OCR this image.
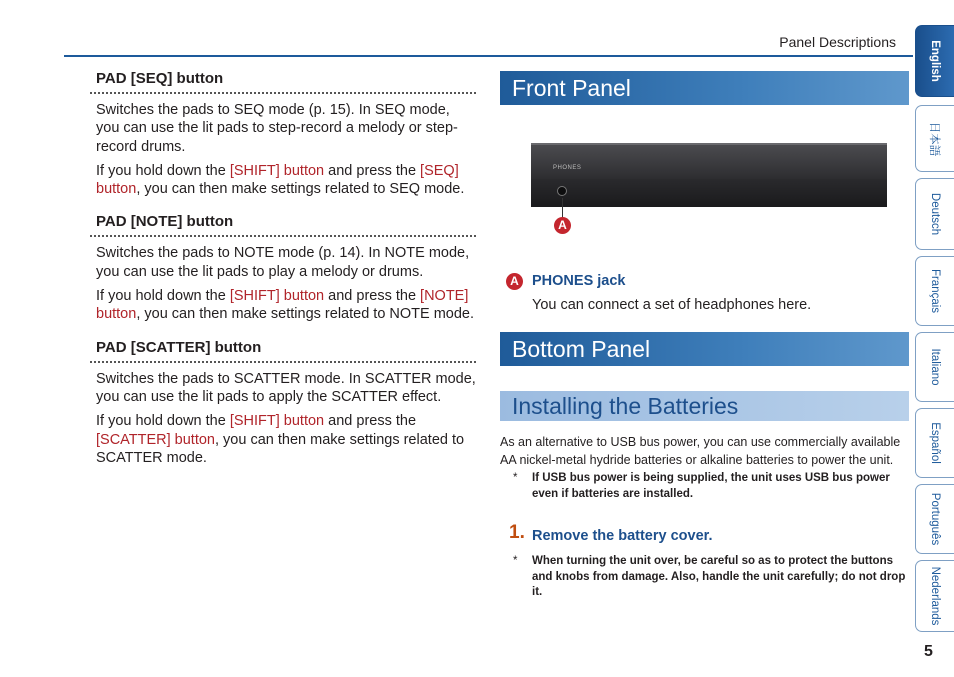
Panel Descriptions
PAD [SEQ] button

Switches the pads to SEQ mode (p. 15). In SEQ mode, you can use the lit pads to step-record a melody or step-record drums.

If you hold down the [SHIFT] button and press the [SEQ] button, you can then make settings related to SEQ mode.

PAD [NOTE] button

Switches the pads to NOTE mode (p. 14). In NOTE mode, you can use the lit pads to play a melody or drums.

If you hold down the [SHIFT] button and press the [NOTE] button, you can then make settings related to NOTE mode.

PAD [SCATTER] button

Switches the pads to SCATTER mode. In SCATTER mode, you can use the lit pads to apply the SCATTER effect.

If you hold down the [SHIFT] button and press the [SCATTER] button, you can then make settings related to SCATTER mode.

Front Panel
PHONES
A
A PHONES jack
You can connect a set of headphones here.
Bottom Panel
Installing the Batteries
As an alternative to USB bus power, you can use commercially available AA nickel-metal hydride batteries or alkaline batteries to power the unit.
*	If USB bus power is being supplied, the unit uses USB bus power even if batteries are installed.
1. Remove the battery cover.
*	When turning the unit over, be careful so as to protect the buttons and knobs from damage. Also, handle the unit carefully; do not drop it.
English
日本語
Deutsch
Français
Italiano
Español
Português
Nederlands
5
